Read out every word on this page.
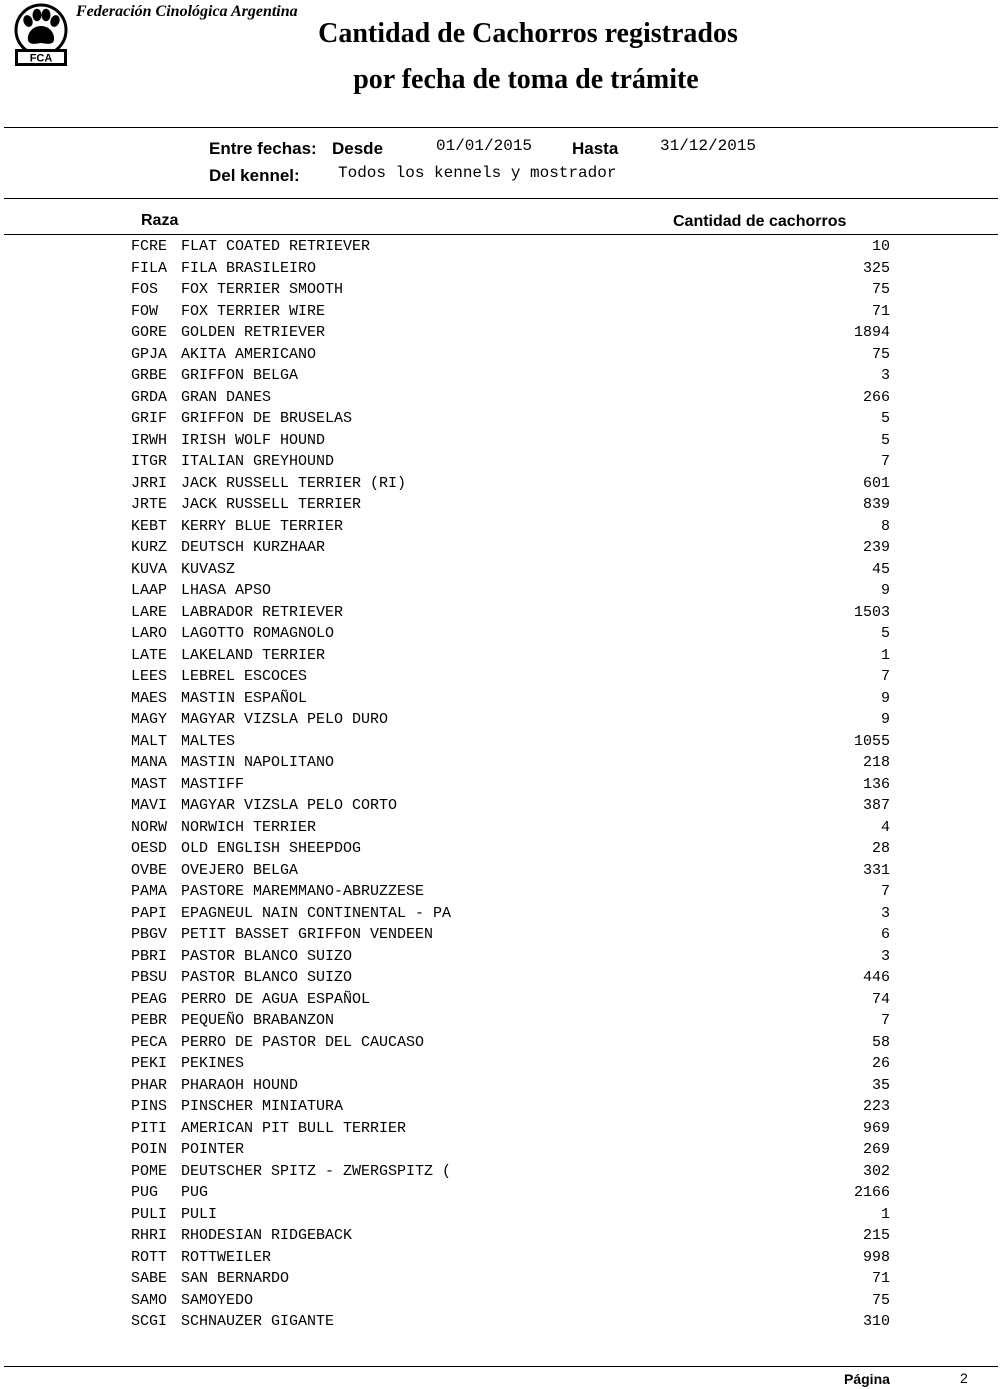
FCA
Federación Cinológica Argentina
Cantidad de Cachorros registrados
por fecha de toma de trámite
Entre fechas: Desde	01/01/2015 Hasta	31/12/2015
Del kennel: Todos los kennels y mostrador
Raza	Cantidad de cachorros
FCRE FLAT COATED RETRIEVER	10
FILA FILA BRASILEIRO	325
FOS FOX TERRIER SMOOTH	75
FOW FOX TERRIER WIRE	71
GORE GOLDEN RETRIEVER	1894
GPJA AKITA AMERICANO	75
GRBE GRIFFON BELGA	3
GRDA GRAN DANES	266
GRIF GRIFFON DE BRUSELAS	5
IRWH IRISH WOLF HOUND	5
ITGR ITALIAN GREYHOUND	7
JRRI JACK RUSSELL TERRIER (RI)	601
JRTE JACK RUSSELL TERRIER	839
KEBT KERRY BLUE TERRIER	8
KURZ DEUTSCH KURZHAAR	239
KUVA KUVASZ	45
LAAP LHASA APSO	9
LARE LABRADOR RETRIEVER	1503
LARO LAGOTTO ROMAGNOLO	5
LATE LAKELAND TERRIER	1
LEES LEBREL ESCOCES	7
MAES MASTIN ESPAÑOL	9
MAGY MAGYAR VIZSLA PELO DURO	9
MALT MALTES	1055
MANA MASTIN NAPOLITANO	218
MAST MASTIFF	136
MAVI MAGYAR VIZSLA PELO CORTO	387
NORW NORWICH TERRIER	4
OESD OLD ENGLISH SHEEPDOG	28
OVBE OVEJERO BELGA	331
PAMA PASTORE MAREMMANO-ABRUZZESE	7
PAPI EPAGNEUL NAIN CONTINENTAL - PA	3
PBGV PETIT BASSET GRIFFON VENDEEN	6
PBRI PASTOR BLANCO SUIZO	3
PBSU PASTOR BLANCO SUIZO	446
PEAG PERRO DE AGUA ESPAÑOL	74
PEBR PEQUEÑO BRABANZON	7
PECA PERRO DE PASTOR DEL CAUCASO	58
PEKI PEKINES	26
PHAR PHARAOH HOUND	35
PINS PINSCHER MINIATURA	223
PITI AMERICAN PIT BULL TERRIER	969
POIN POINTER	269
POME DEUTSCHER SPITZ - ZWERGSPITZ (	302
PUG PUG	2166
PULI PULI	1
RHRI RHODESIAN RIDGEBACK	215
ROTT ROTTWEILER	998
SABE SAN BERNARDO	71
SAMO SAMOYEDO	75
SCGI SCHNAUZER GIGANTE	310
Página	2
